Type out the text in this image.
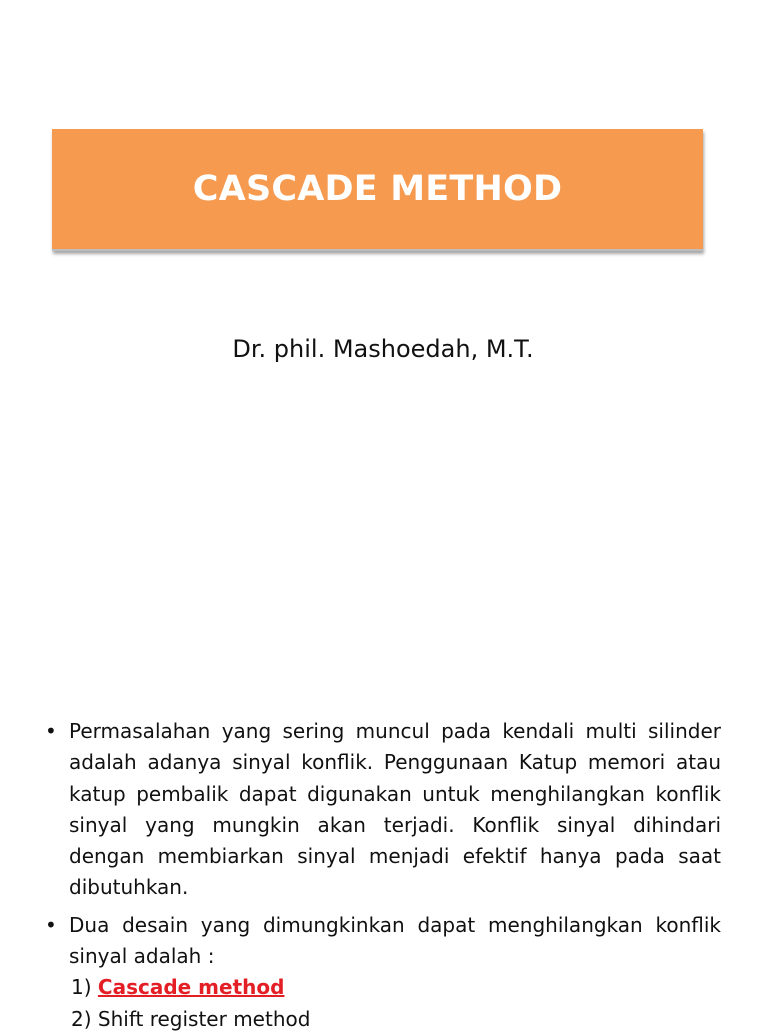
CASCADE METHOD
Dr. phil. Mashoedah, M.T.
• Permasalahan yang sering muncul pada kendali multi silinder adalah adanya sinyal konflik. Penggunaan Katup memori atau katup pembalik dapat digunakan untuk menghilangkan konflik sinyal yang mungkin akan terjadi. Konflik sinyal dihindari dengan membiarkan sinyal menjadi efektif hanya pada saat dibutuhkan.
• Dua desain yang dimungkinkan dapat menghilangkan konflik sinyal adalah :
1) Cascade method
2) Shift register method
